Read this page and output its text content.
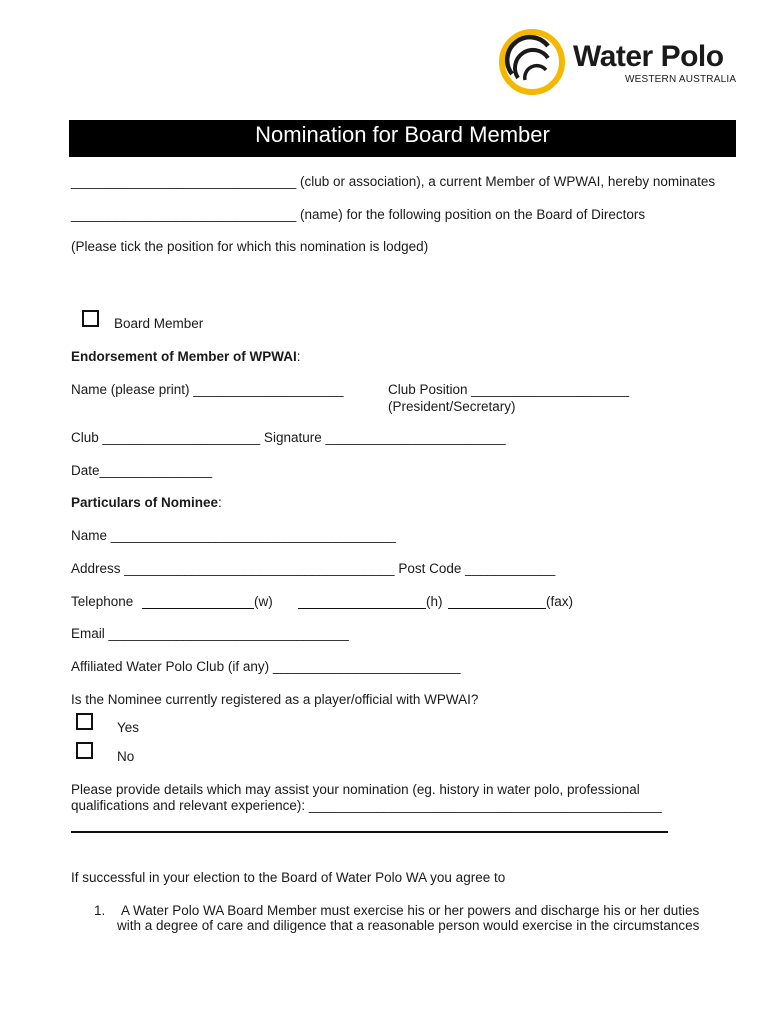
Water Polo
WESTERN AUSTRALIA
Nomination for Board Member
______________________________ (club or association), a current Member of WPWAI, hereby nominates
______________________________ (name) for the following position on the Board of Directors
(Please tick the position for which this nomination is lodged)
Board Member
Endorsement of Member of WPWAI:
Name (please print) ____________________	Club Position _____________________
(President/Secretary)
Club _____________________ Signature ________________________
Date_______________
Particulars of Nominee:
Name ______________________________________
Address ____________________________________ Post Code ____________
Telephone	(w)	(h)	(fax)
Email ________________________________
Affiliated Water Polo Club (if any) _________________________
Is the Nominee currently registered as a player/official with WPWAI?
Yes
No
Please provide details which may assist your nomination (eg. history in water polo, professional
qualifications and relevant experience): _______________________________________________
If successful in your election to the Board of Water Polo WA you agree to
1. A Water Polo WA Board Member must exercise his or her powers and discharge his or her duties
with a degree of care and diligence that a reasonable person would exercise in the circumstances
